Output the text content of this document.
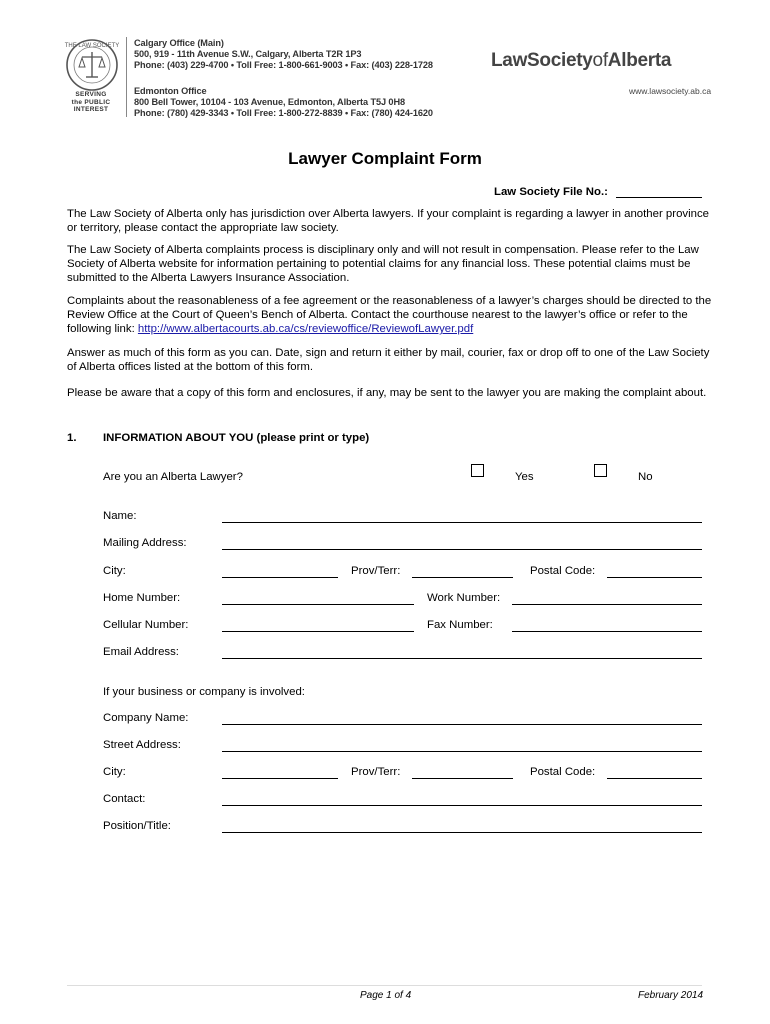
THE LAW SOCIETY
SERVING
the PUBLIC
INTEREST
Calgary Office (Main)
500, 919 - 11th Avenue S.W., Calgary, Alberta T2R 1P3
Phone: (403) 229-4700 • Toll Free: 1-800-661-9003 • Fax: (403) 228-1728
Edmonton Office
800 Bell Tower, 10104 - 103 Avenue, Edmonton, Alberta T5J 0H8
Phone: (780) 429-3343 • Toll Free: 1-800-272-8839 • Fax: (780) 424-1620
LawSocietyofAlberta
www.lawsociety.ab.ca
Lawyer Complaint Form
Law Society File No.:
The Law Society of Alberta only has jurisdiction over Alberta lawyers. If your complaint is regarding a lawyer in another province or territory, please contact the appropriate law society.
The Law Society of Alberta complaints process is disciplinary only and will not result in compensation. Please refer to the Law Society of Alberta website for information pertaining to potential claims for any financial loss. These potential claims must be submitted to the Alberta Lawyers Insurance Association.
Complaints about the reasonableness of a fee agreement or the reasonableness of a lawyer’s charges should be directed to the Review Office at the Court of Queen’s Bench of Alberta. Contact the courthouse nearest to the lawyer’s office or refer to the following link: http://www.albertacourts.ab.ca/cs/reviewoffice/ReviewofLawyer.pdf
Answer as much of this form as you can. Date, sign and return it either by mail, courier, fax or drop off to one of the Law Society of Alberta offices listed at the bottom of this form.
Please be aware that a copy of this form and enclosures, if any, may be sent to the lawyer you are making the complaint about.
1. INFORMATION ABOUT YOU (please print or type)
Are you an Alberta Lawyer?	Yes	No
Name:
Mailing Address:
City:	Prov/Terr:	Postal Code:
Home Number:	Work Number:
Cellular Number:	Fax Number:
Email Address:
If your business or company is involved:
Company Name:
Street Address:
City:	Prov/Terr:	Postal Code:
Contact:
Position/Title:
Page 1 of 4	February 2014
